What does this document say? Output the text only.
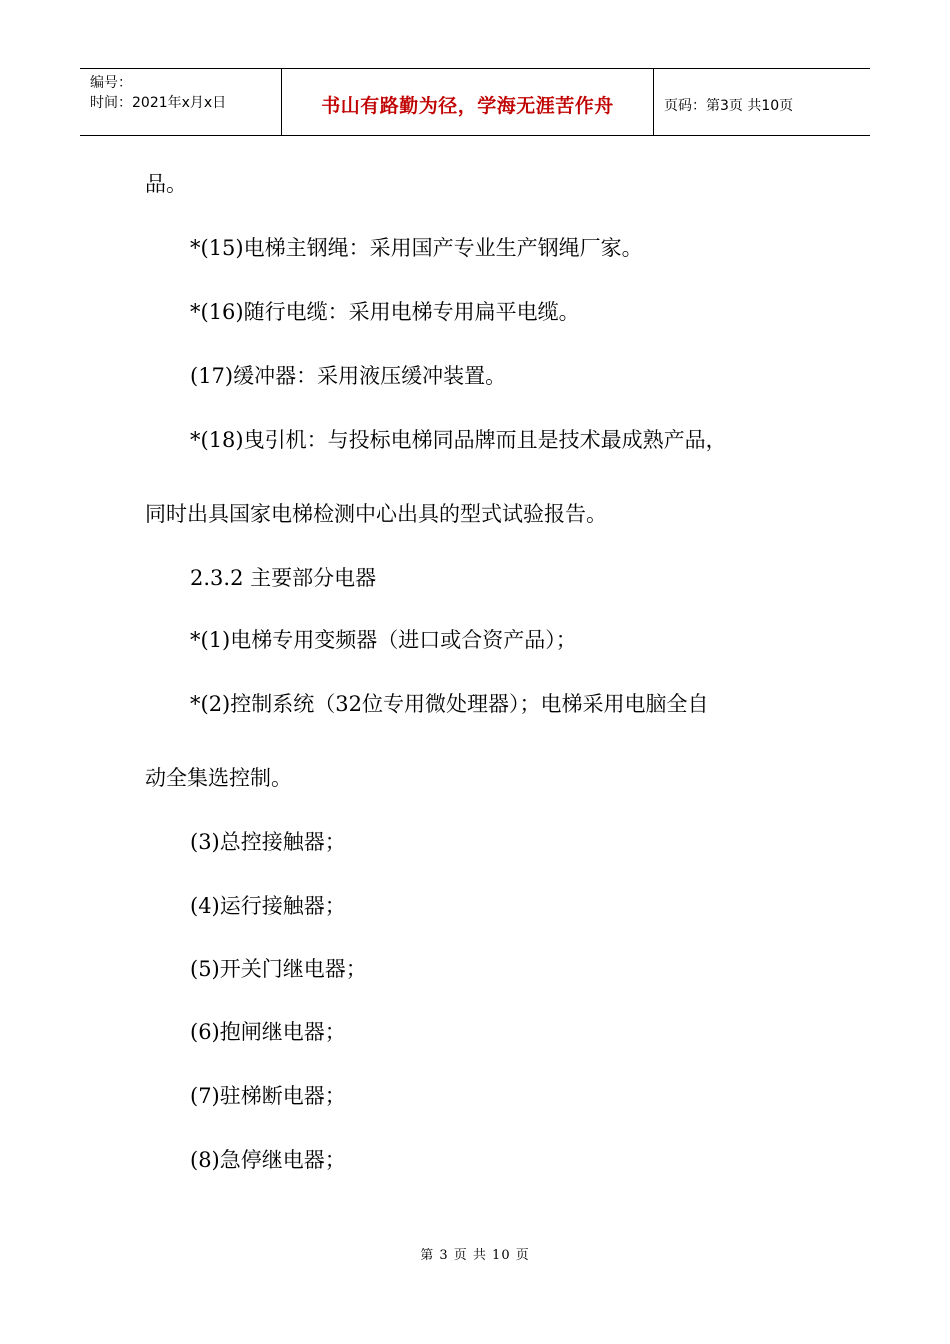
编号：
时间：2021年x月x日	书山有路勤为径，学海无涯苦作舟	页码：第3页 共10页
品。
*(15)电梯主钢绳：采用国产专业生产钢绳厂家。
*(16)随行电缆：采用电梯专用扁平电缆。
(17)缓冲器：采用液压缓冲装置。
*(18)曳引机：与投标电梯同品牌而且是技术最成熟产品，
同时出具国家电梯检测中心出具的型式试验报告。
2.3.2 主要部分电器
*(1)电梯专用变频器（进口或合资产品）；
*(2)控制系统（32位专用微处理器）；电梯采用电脑全自
动全集选控制。
(3)总控接触器；
(4)运行接触器；
(5)开关门继电器；
(6)抱闸继电器；
(7)驻梯断电器；
(8)急停继电器；
第 3 页 共 10 页
